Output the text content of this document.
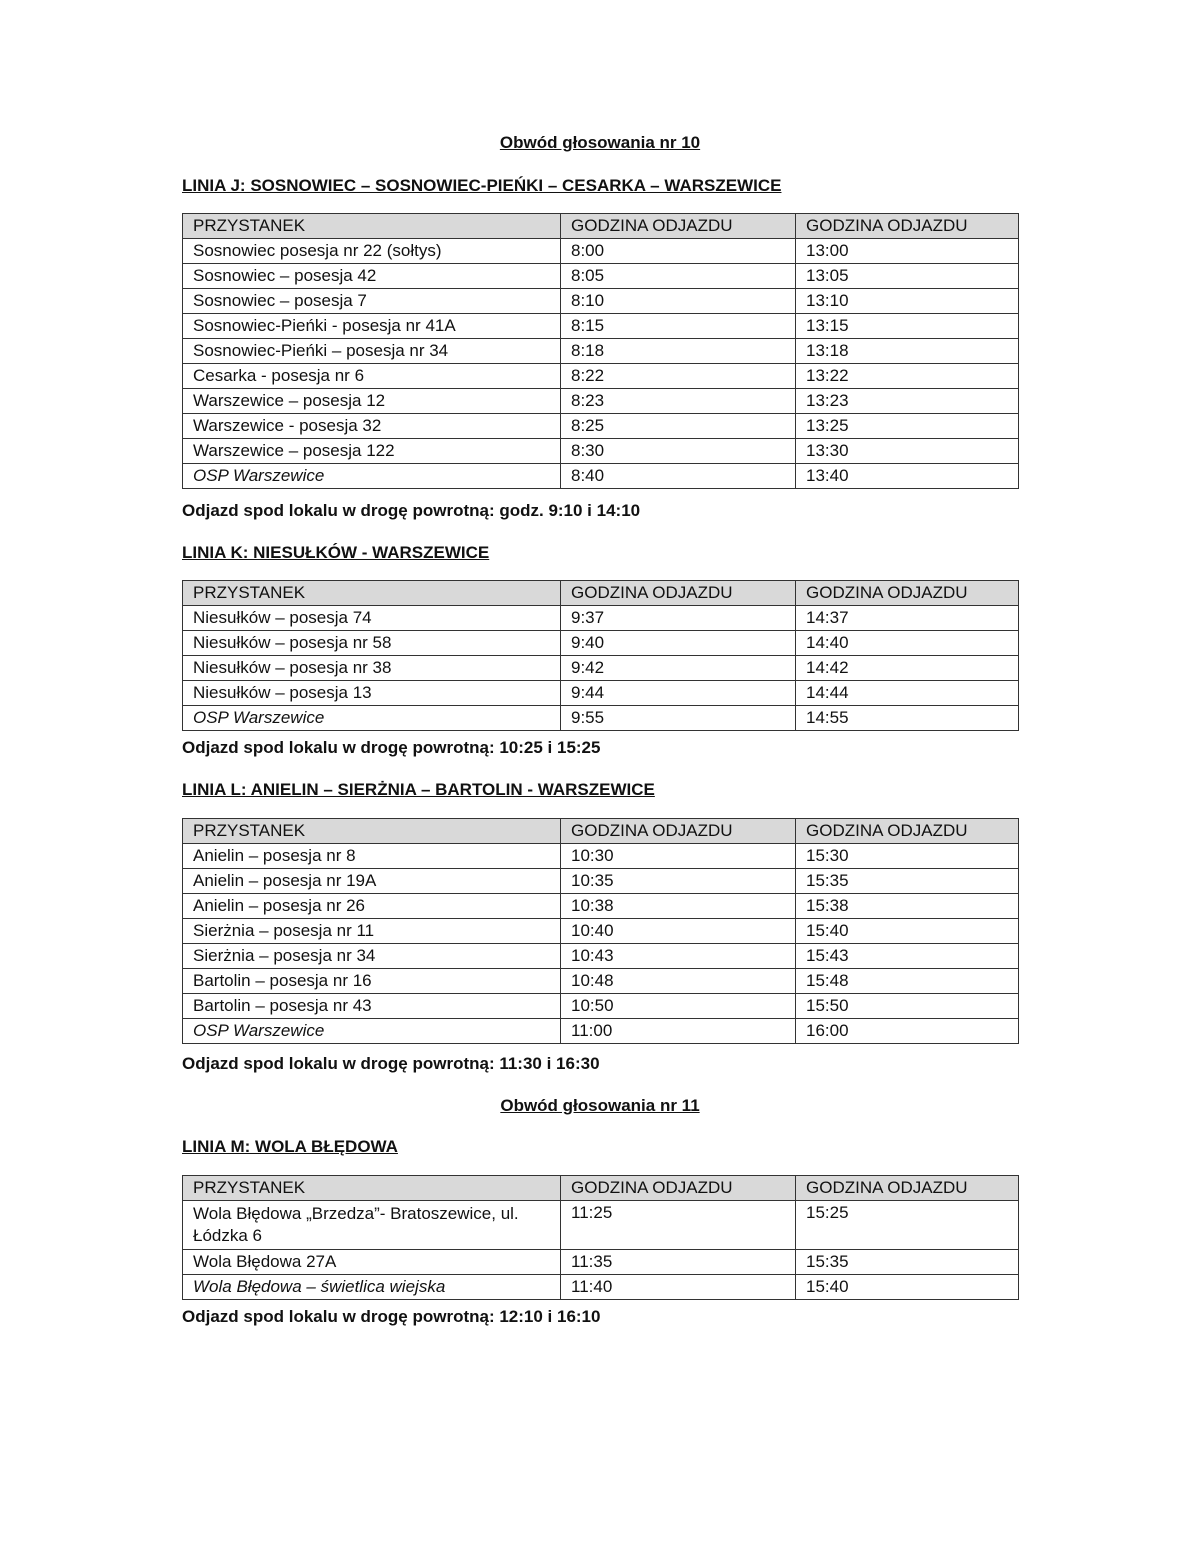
Obwód głosowania nr 10
LINIA J: SOSNOWIEC – SOSNOWIEC-PIEŃKI – CESARKA – WARSZEWICE
PRZYSTANEK	GODZINA ODJAZDU	GODZINA ODJAZDU
Sosnowiec posesja nr 22 (sołtys)	8:00	13:00
Sosnowiec – posesja 42	8:05	13:05
Sosnowiec – posesja 7	8:10	13:10
Sosnowiec-Pieńki - posesja nr 41A	8:15	13:15
Sosnowiec-Pieńki – posesja nr 34	8:18	13:18
Cesarka - posesja nr 6	8:22	13:22
Warszewice – posesja 12	8:23	13:23
Warszewice - posesja 32	8:25	13:25
Warszewice – posesja 122	8:30	13:30
OSP Warszewice	8:40	13:40
Odjazd spod lokalu w drogę powrotną: godz. 9:10 i 14:10
LINIA K: NIESUŁKÓW - WARSZEWICE
PRZYSTANEK	GODZINA ODJAZDU	GODZINA ODJAZDU
Niesułków – posesja 74	9:37	14:37
Niesułków – posesja nr 58	9:40	14:40
Niesułków – posesja nr 38	9:42	14:42
Niesułków – posesja 13	9:44	14:44
OSP Warszewice	9:55	14:55
Odjazd spod lokalu w drogę powrotną: 10:25 i 15:25
LINIA L: ANIELIN – SIERŻNIA – BARTOLIN - WARSZEWICE
PRZYSTANEK	GODZINA ODJAZDU	GODZINA ODJAZDU
Anielin – posesja nr 8	10:30	15:30
Anielin – posesja nr 19A	10:35	15:35
Anielin – posesja nr 26	10:38	15:38
Sierżnia – posesja nr 11	10:40	15:40
Sierżnia – posesja nr 34	10:43	15:43
Bartolin – posesja nr 16	10:48	15:48
Bartolin – posesja nr 43	10:50	15:50
OSP Warszewice	11:00	16:00
Odjazd spod lokalu w drogę powrotną: 11:30 i 16:30
Obwód głosowania nr 11
LINIA M: WOLA BŁĘDOWA
PRZYSTANEK	GODZINA ODJAZDU	GODZINA ODJAZDU
Wola Błędowa „Brzedza”- Bratoszewice, ul. Łódzka 6	11:25	15:25
Wola Błędowa 27A	11:35	15:35
Wola Błędowa – świetlica wiejska	11:40	15:40
Odjazd spod lokalu w drogę powrotną: 12:10 i 16:10
